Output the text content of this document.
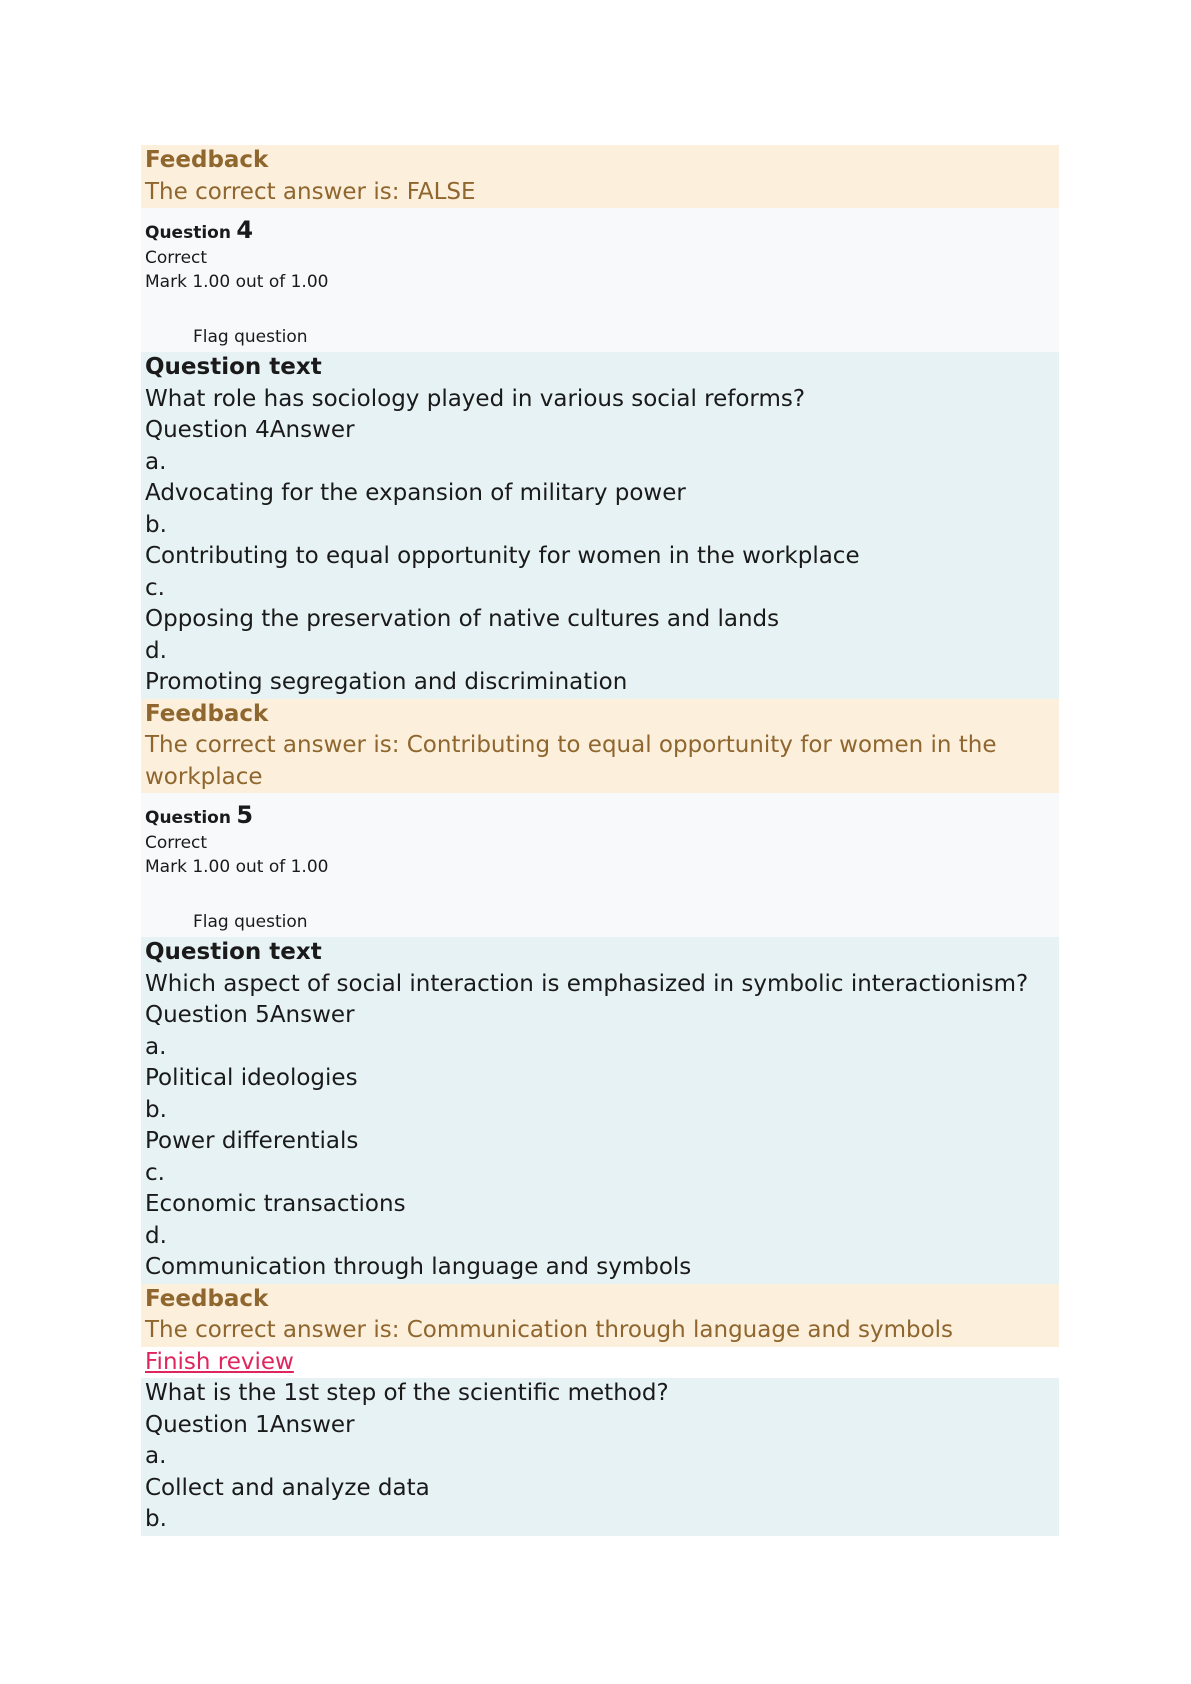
Feedback
The correct answer is: FALSE
Question 4
Correct
Mark 1.00 out of 1.00
Flag question
Question text
What role has sociology played in various social reforms?
Question 4Answer
a.
Advocating for the expansion of military power
b.
Contributing to equal opportunity for women in the workplace
c.
Opposing the preservation of native cultures and lands
d.
Promoting segregation and discrimination
Feedback
The correct answer is: Contributing to equal opportunity for women in the workplace
Question 5
Correct
Mark 1.00 out of 1.00
Flag question
Question text
Which aspect of social interaction is emphasized in symbolic interactionism?
Question 5Answer
a.
Political ideologies
b.
Power differentials
c.
Economic transactions
d.
Communication through language and symbols
Feedback
The correct answer is: Communication through language and symbols
Finish review
What is the 1st step of the scientific method?
Question 1Answer
a.
Collect and analyze data
b.
